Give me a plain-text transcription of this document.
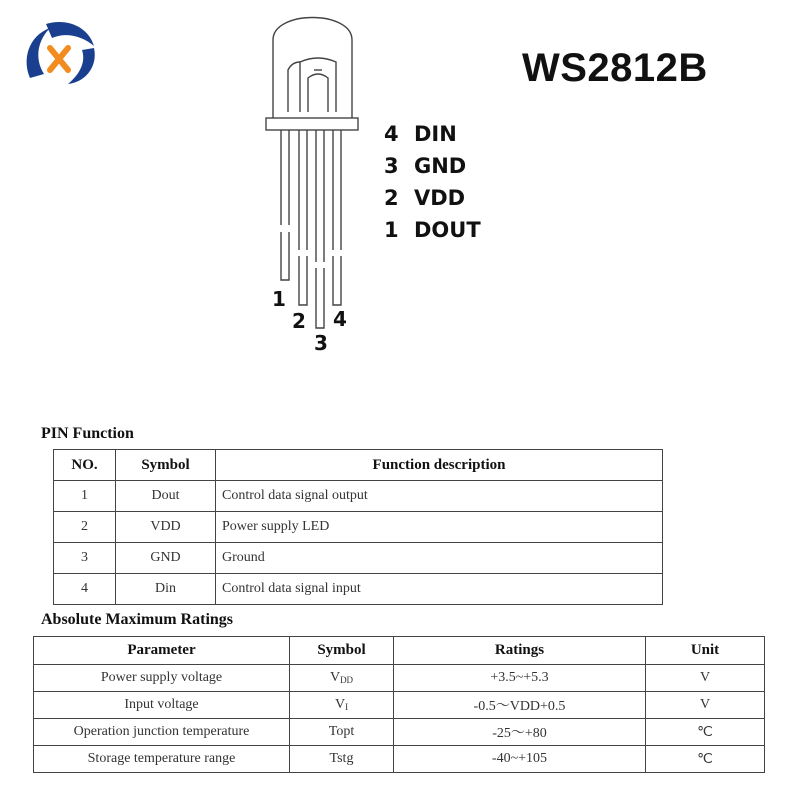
WS2812B
1
2
3
4
4 DIN
3 GND
2 VDD
1 DOUT
PIN Function
NO.	Symbol	Function description
1	Dout	Control data signal output
2	VDD	Power supply LED
3	GND	Ground
4	Din	Control data signal input
Absolute Maximum Ratings
Parameter	Symbol	Ratings	Unit
Power supply voltage	$V_{DD}$	+3.5~+5.3	V
Input voltage	$V_I$	-0.5～VDD+0.5	V
Operation junction temperature	Topt	-25～+80	℃
Storage temperature range	Tstg	-40~+105	℃
